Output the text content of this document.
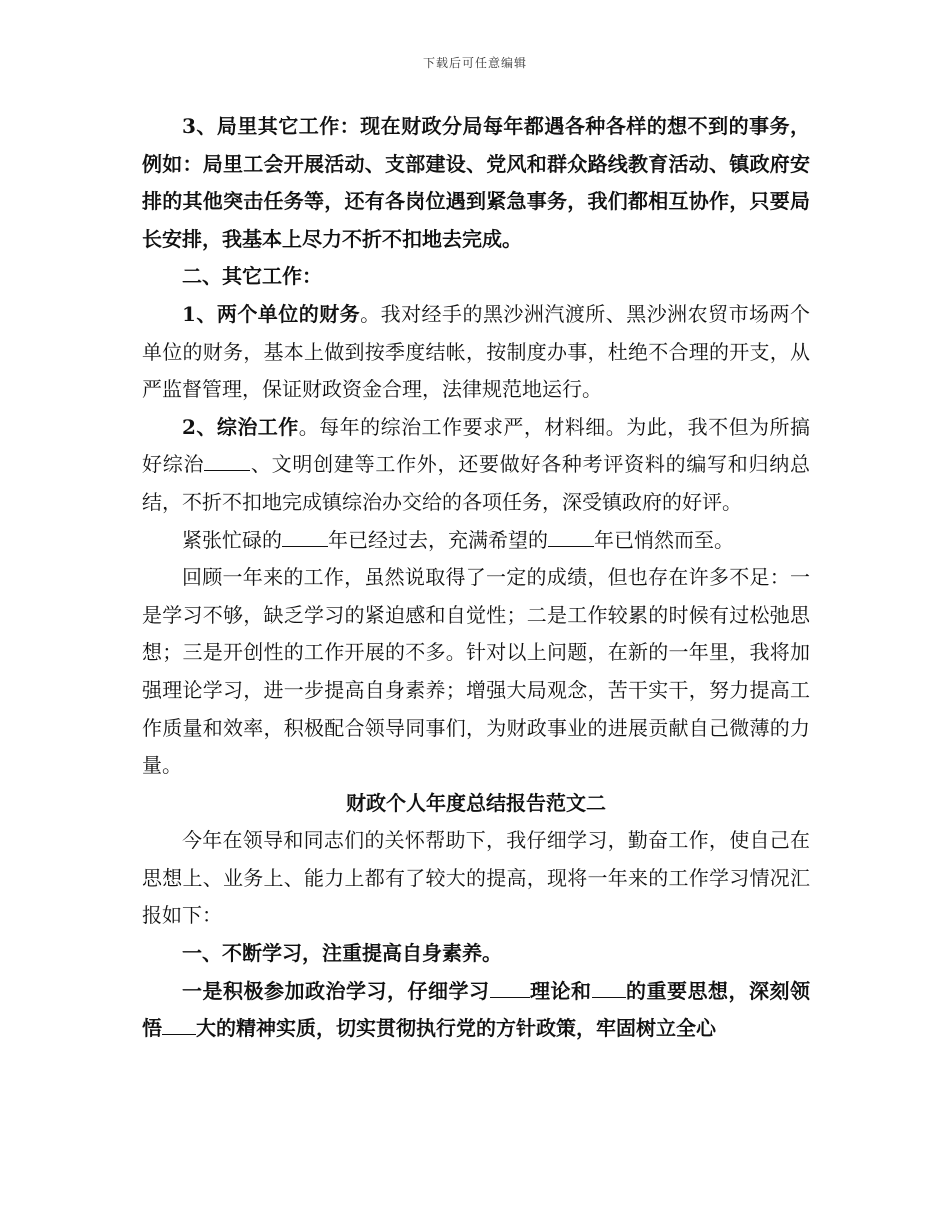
下载后可任意编辑

3、局里其它工作：现在财政分局每年都遇各种各样的想不到的事务，例如：局里工会开展活动、支部建设、党风和群众路线教育活动、镇政府安排的其他突击任务等，还有各岗位遇到紧急事务，我们都相互协作，只要局长安排，我基本上尽力不折不扣地去完成。

二、其它工作：

1、两个单位的财务。我对经手的黑沙洲汽渡所、黑沙洲农贸市场两个单位的财务，基本上做到按季度结帐，按制度办事，杜绝不合理的开支，从严监督管理，保证财政资金合理，法律规范地运行。

2、综治工作。每年的综治工作要求严，材料细。为此，我不但为所搞好综治 、文明创建等工作外，还要做好各种考评资料的编写和归纳总结，不折不扣地完成镇综治办交给的各项任务，深受镇政府的好评。

紧张忙碌的 年已经过去，充满希望的 年已悄然而至。

回顾一年来的工作，虽然说取得了一定的成绩，但也存在许多不足：一是学习不够，缺乏学习的紧迫感和自觉性；二是工作较累的时候有过松弛思想；三是开创性的工作开展的不多。针对以上问题，在新的一年里，我将加强理论学习，进一步提高自身素养；增强大局观念，苦干实干，努力提高工作质量和效率，积极配合领导同事们，为财政事业的进展贡献自己微薄的力量。

财政个人年度总结报告范文二

今年在领导和同志们的关怀帮助下，我仔细学习，勤奋工作，使自己在思想上、业务上、能力上都有了较大的提高，现将一年来的工作学习情况汇报如下：

一、不断学习，注重提高自身素养。

一是积极参加政治学习，仔细学习 理论和 的重要思想，深刻领悟 大的精神实质，切实贯彻执行党的方针政策，牢固树立全心
